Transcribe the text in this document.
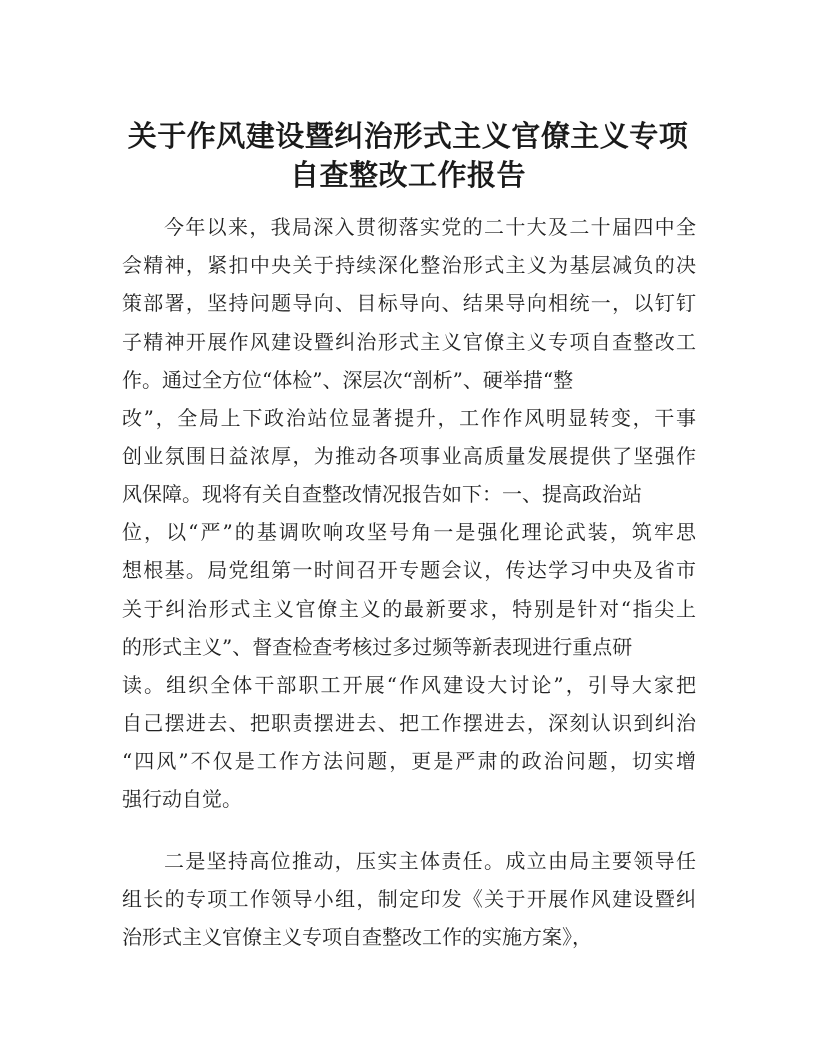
关于作风建设暨纠治形式主义官僚主义专项
自查整改工作报告

今年以来，我局深入贯彻落实党的二十大及二十届四中全

会精神，紧扣中央关于持续深化整治形式主义为基层减负的决

策部署，坚持问题导向、目标导向、结果导向相统一，以钉钉

子精神开展作风建设暨纠治形式主义官僚主义专项自查整改工

作。通过全方位“体检”、深层次“剖析”、硬举措“整

改”，全局上下政治站位显著提升，工作作风明显转变，干事

创业氛围日益浓厚，为推动各项事业高质量发展提供了坚强作

风保障。现将有关自查整改情况报告如下：一、提高政治站

位，以“严”的基调吹响攻坚号角一是强化理论武装，筑牢思

想根基。局党组第一时间召开专题会议，传达学习中央及省市

关于纠治形式主义官僚主义的最新要求，特别是针对“指尖上

的形式主义”、督查检查考核过多过频等新表现进行重点研

读。组织全体干部职工开展“作风建设大讨论”，引导大家把

自己摆进去、把职责摆进去、把工作摆进去，深刻认识到纠治

“四风”不仅是工作方法问题，更是严肃的政治问题，切实增

强行动自觉。

二是坚持高位推动，压实主体责任。成立由局主要领导任

组长的专项工作领导小组，制定印发《关于开展作风建设暨纠

治形式主义官僚主义专项自查整改工作的实施方案》，
